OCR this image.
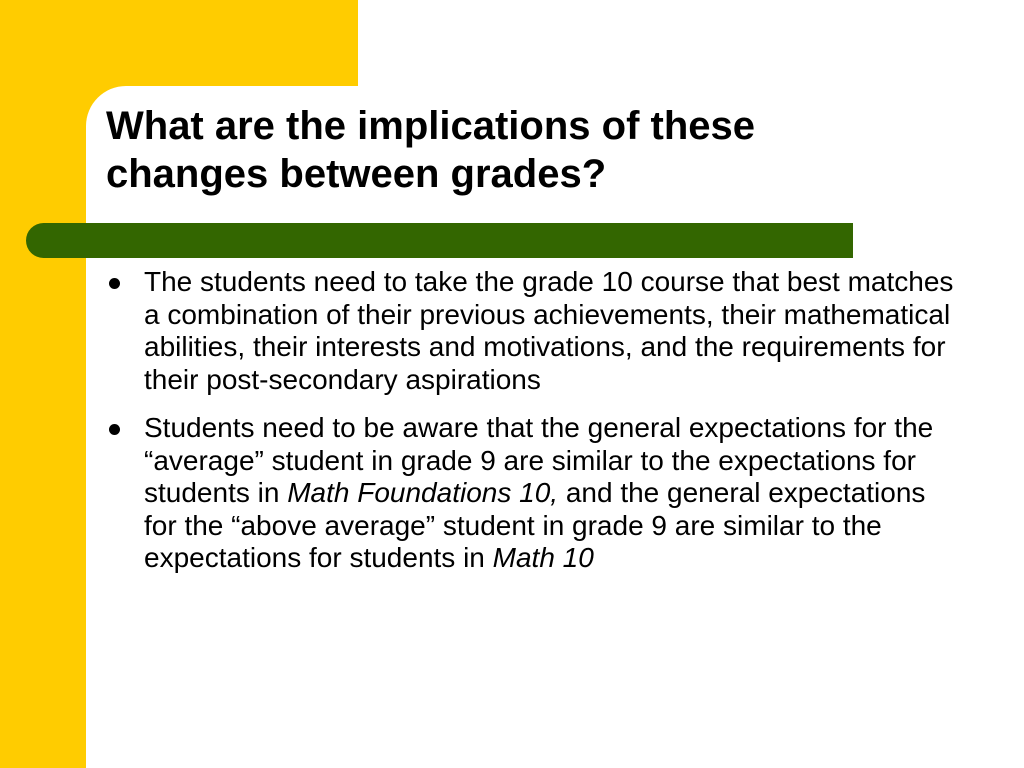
What are the implications of these changes between grades?
The students need to take the grade 10 course that best matches a combination of their previous achievements, their mathematical abilities, their interests and motivations, and the requirements for their post-secondary aspirations
Students need to be aware that the general expectations for the “average” student in grade 9 are similar to the expectations for students in Math Foundations 10, and the general expectations for the “above average” student in grade 9 are similar to the expectations for students in Math 10
